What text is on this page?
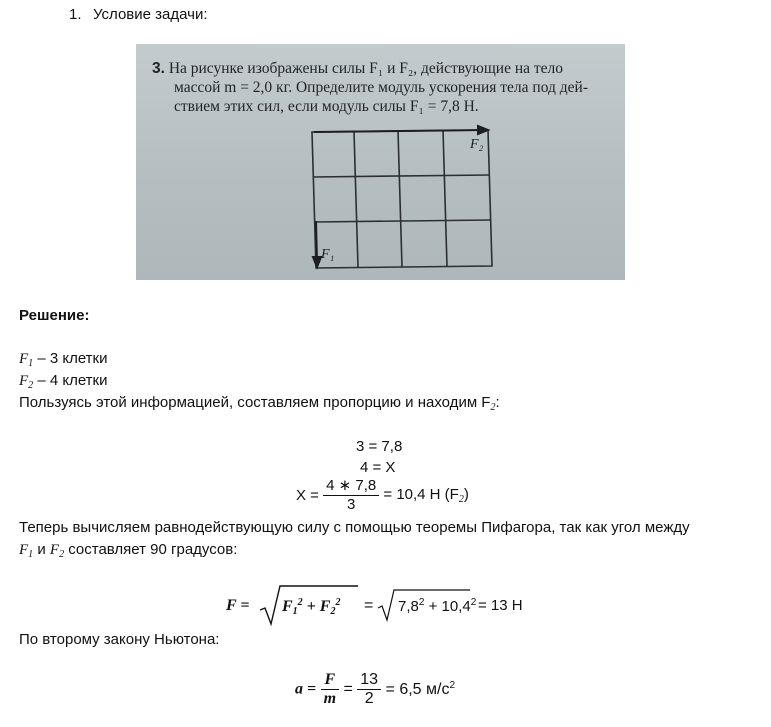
1. Условие задачи:
3. На рисунке изображены силы F₁ и F₂, действующие на тело
массой m = 2,0 кг. Определите модуль ускорения тела под дей-
ствием этих сил, если модуль силы F₁ = 7,8 Н.
F₂
F₁
Решение:
$F_1 - 3$ клетки
$F_2 - 4$ клетки
Пользуясь этой информацией, составляем пропорцию и находим $F_2$:
3 = 7,8
4 = X
$X = \frac{4 ∗ 7,8}{3} = 10,4$ Н $(F_2)$
Теперь вычисляем равнодействующую силу с помощью теоремы Пифагора, так как угол между
$F_1$ и $F_2$ составляет 90 градусов:
$F = F_1^2 + F_2^2 = 7,8^2 + 10,4^2 = 13$ Н
По второму закону Ньютона:
$a = \frac{F}{m} = \frac{13}{2} = 6,5$ $м/с^2$
